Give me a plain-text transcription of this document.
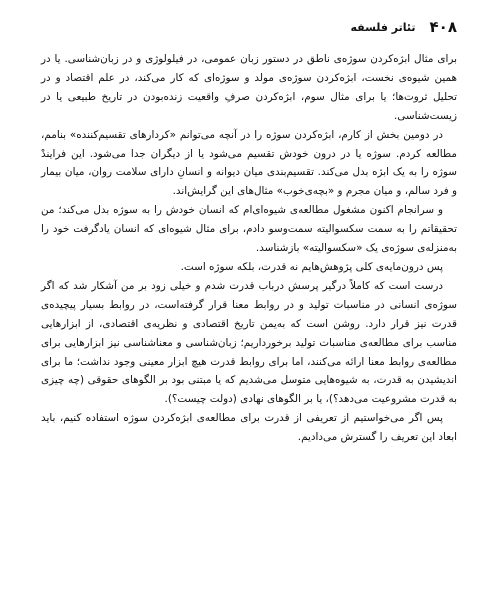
۴۰۸
تئاتر فلسفه

برای مثال ابژه‌کردن سوژه‌ی ناطق در دستور زبان عمومی، در فیلولوژی و در زبان‌شناسی. یا در همین شیوه‌ی نخست، ابژه‌کردن سوژه‌ی مولد و سوژه‌ای که کار می‌کند، در علم اقتصاد و در تحلیل ثروت‌ها؛ یا برای مثال سوم، ابژه‌کردن صرفِ واقعیت زنده‌بودن در تاریخ طبیعی یا در زیست‌شناسی.

در دومین بخش از کارم، ابژه‌کردن سوژه را در آنچه می‌توانم «کردارهای تقسیم‌کننده» بنامم، مطالعه کردم. سوژه یا در درون خودش تقسیم می‌شود یا از دیگران جدا می‌شود. این فرایندْ سوژه را به یک ابژه بدل می‌کند. تقسیم‌بندی میان دیوانه و انسانِ دارای سلامت روان، میان بیمار و فرد سالم، و میان مجرم و «بچه‌ی‌خوب» مثال‌های این گرایش‌اند.

و سرانجام اکنون مشغول مطالعه‌ی شیوه‌ای‌ام که انسان خودش را به سوژه بدل می‌کند؛ من تحقیقاتم را به سمت سکسوالیته سمت‌وسو دادم، برای مثال شیوه‌ای که انسان یادگرفت خود را به‌منزله‌ی سوژه‌ی یک «سکسوالیته» بازشناسد.

پس درون‌مایه‌ی کلی پژوهش‌هایم نه قدرت، بلکه سوژه است.

درست است که کاملاً درگیر پرسش درباب قدرت شدم و خیلی زود بر من آشکار شد که اگر سوژه‌ی انسانی در مناسبات تولید و در روابط معنا قرار گرفته‌است، در روابط بسیار پیچیده‌ی قدرت نیز قرار دارد. روشن است که به‌یمن تاریخ اقتصادی و نظریه‌ی اقتصادی، از ابزارهایی مناسب برای مطالعه‌ی مناسبات تولید برخورداریم؛ زبان‌شناسی و معناشناسی نیز ابزارهایی برای مطالعه‌ی روابط معنا ارائه می‌کنند، اما برای روابط قدرت هیچ ابزار معینی وجود نداشت؛ ما برای اندیشیدن به قدرت، به شیوه‌هایی متوسل می‌شدیم که یا مبتنی بود بر الگوهای حقوقی (چه چیزی به قدرت مشروعیت می‌دهد؟)، یا بر الگوهای نهادی (دولت چیست؟).

پس اگر می‌خواستیم از تعریفی از قدرت برای مطالعه‌ی ابژه‌کردن سوژه استفاده کنیم، باید ابعاد این تعریف را گسترش می‌دادیم.
